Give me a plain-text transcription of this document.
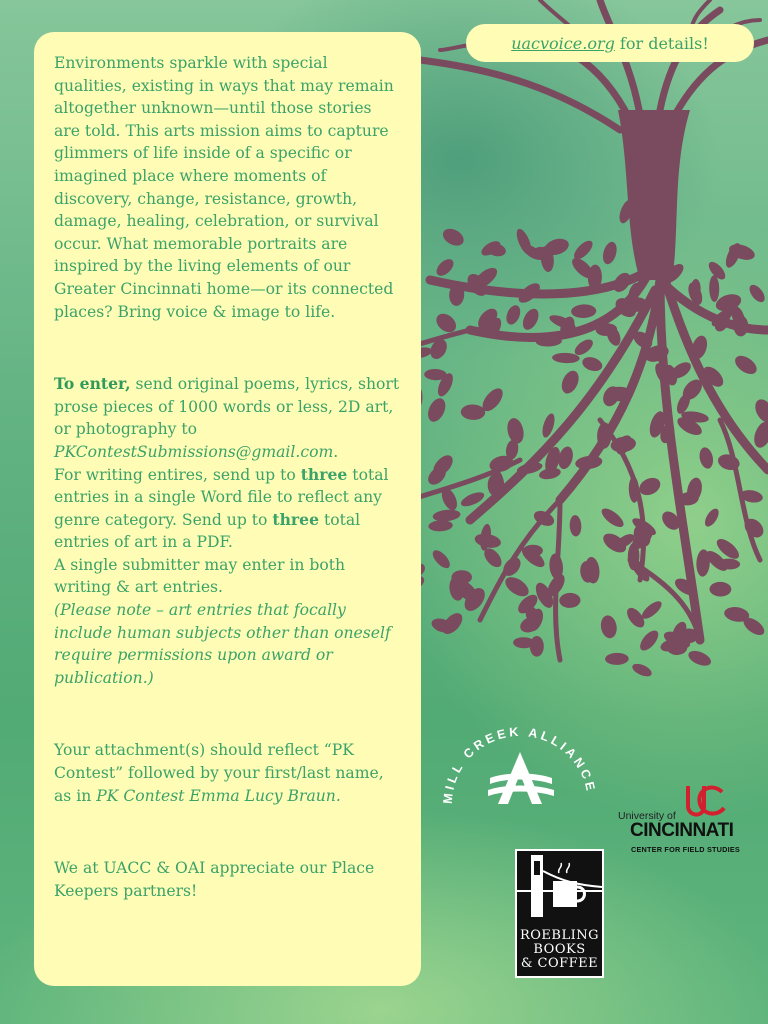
uacvoice.org for details!

Environments sparkle with special qualities, existing in ways that may remain altogether unknown—until those stories are told. This arts mission aims to capture glimmers of life inside of a specific or imagined place where moments of discovery, change, resistance, growth, damage, healing, celebration, or survival occur. What memorable portraits are inspired by the living elements of our Greater Cincinnati home—or its connected places? Bring voice & image to life.

To enter, send original poems, lyrics, short prose pieces of 1000 words or less, 2D art, or photography to PKContestSubmissions@gmail.com.
For writing entires, send up to three total entries in a single Word file to reflect any genre category. Send up to three total entries of art in a PDF.
A single submitter may enter in both writing & art entries.
(Please note – art entries that focally include human subjects other than oneself require permissions upon award or publication.)

Your attachment(s) should reflect “PK Contest” followed by your first/last name, as in PK Contest Emma Lucy Braun.

We at UACC & OAI appreciate our Place Keepers partners!

MILL CREEK ALLIANCE
University of
CINCINNATI
CENTER FOR FIELD STUDIES
ROEBLING
BOOKS
& COFFEE
